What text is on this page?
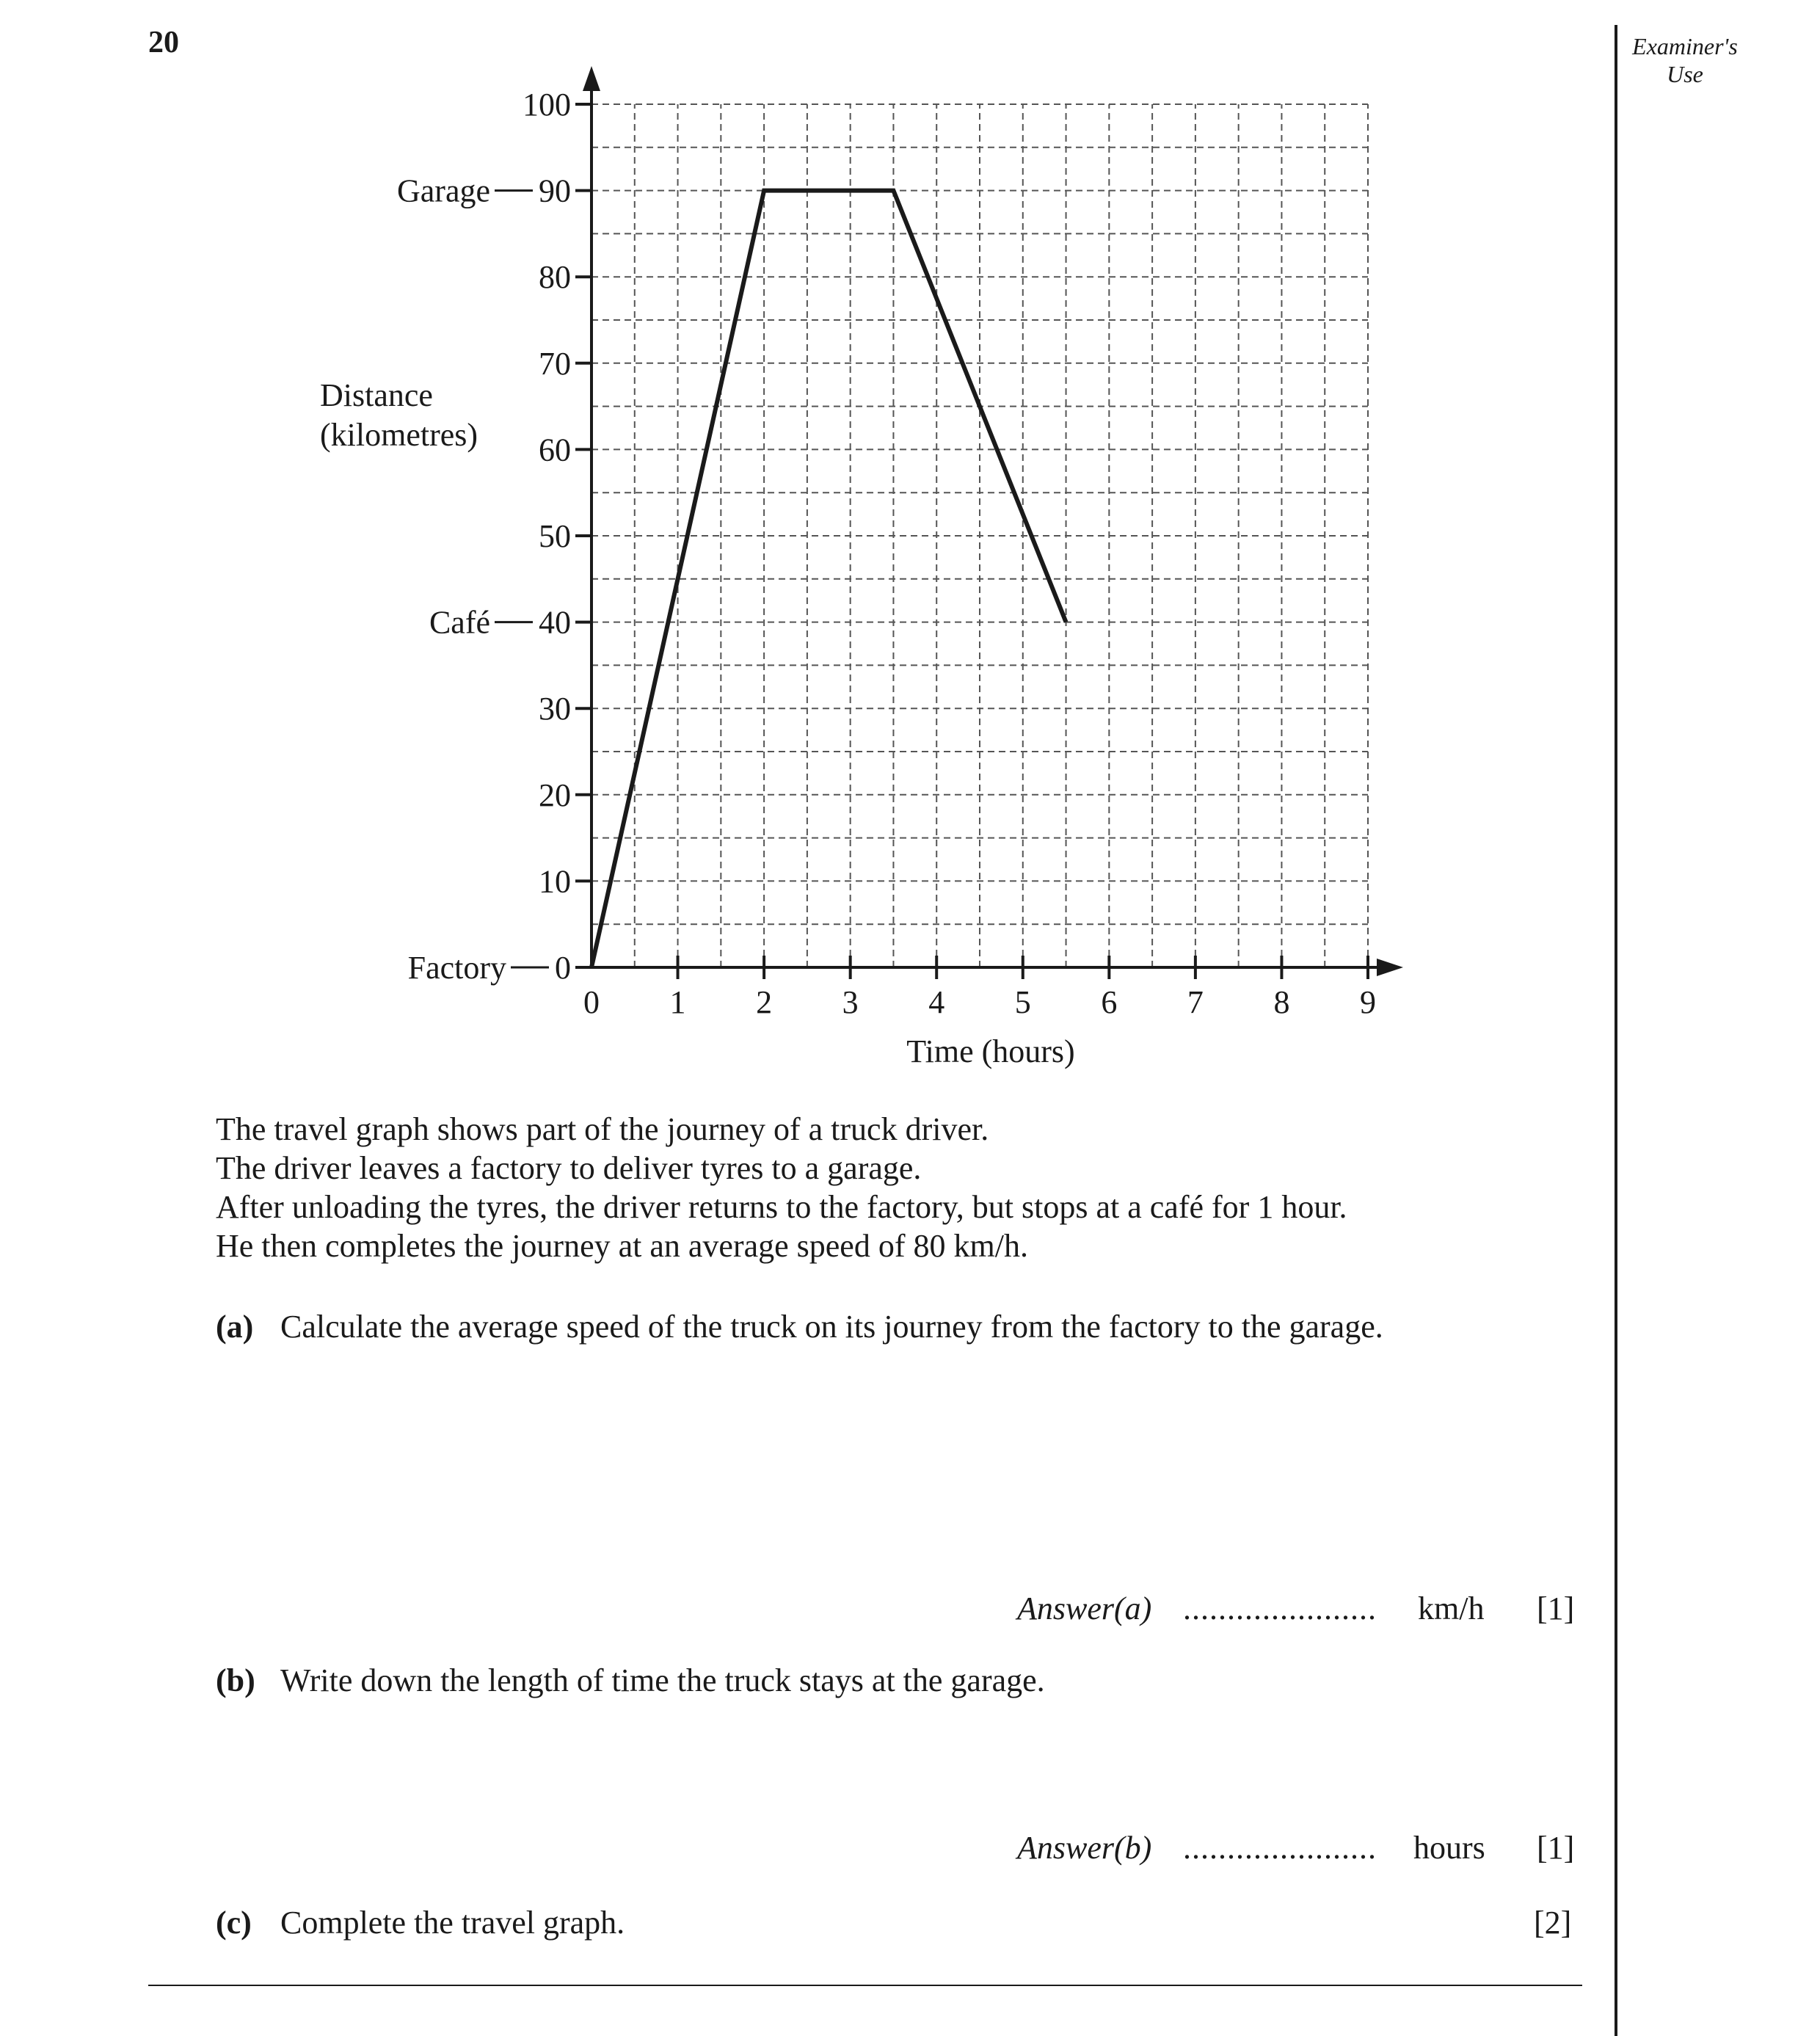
20	Examiner's
Use
0 1 2 3 4 5 6 7 8 9
0
10
20
30
40
50
60
70
80
90
100
Garage
Café
Factory
Distance
(kilometres)
Time (hours)
The travel graph shows part of the journey of a truck driver.
The driver leaves a factory to deliver tyres to a garage.
After unloading the tyres, the driver returns to the factory, but stops at a café for 1 hour.
He then completes the journey at an average speed of 80 km/h.
(a) Calculate the average speed of the truck on its journey from the factory to the garage.
Answer(a) ...................... km/h [1]
(b) Write down the length of time the truck stays at the garage.
Answer(b) ...................... hours [1]
(c) Complete the travel graph.	[2]
